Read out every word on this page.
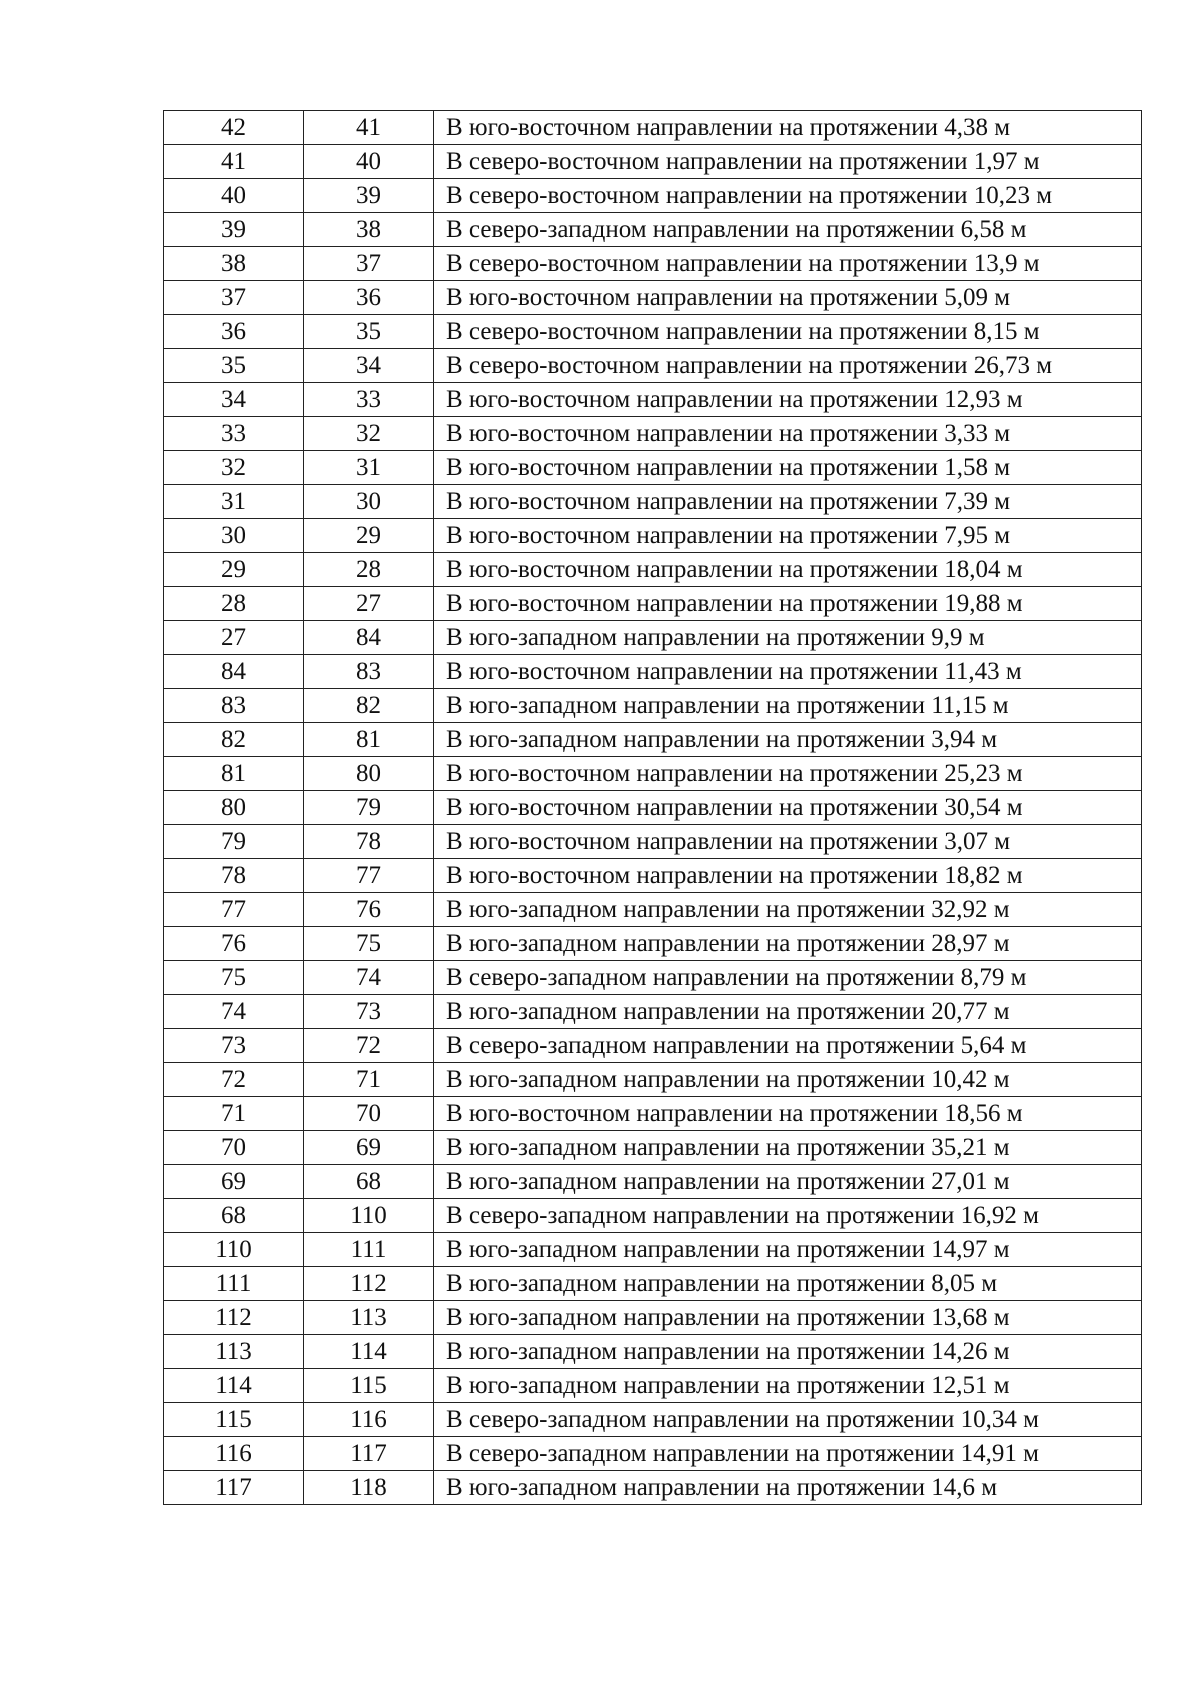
42	41	В юго-восточном направлении на протяжении 4,38 м
41	40	В северо-восточном направлении на протяжении 1,97 м
40	39	В северо-восточном направлении на протяжении 10,23 м
39	38	В северо-западном направлении на протяжении 6,58 м
38	37	В северо-восточном направлении на протяжении 13,9 м
37	36	В юго-восточном направлении на протяжении 5,09 м
36	35	В северо-восточном направлении на протяжении 8,15 м
35	34	В северо-восточном направлении на протяжении 26,73 м
34	33	В юго-восточном направлении на протяжении 12,93 м
33	32	В юго-восточном направлении на протяжении 3,33 м
32	31	В юго-восточном направлении на протяжении 1,58 м
31	30	В юго-восточном направлении на протяжении 7,39 м
30	29	В юго-восточном направлении на протяжении 7,95 м
29	28	В юго-восточном направлении на протяжении 18,04 м
28	27	В юго-восточном направлении на протяжении 19,88 м
27	84	В юго-западном направлении на протяжении 9,9 м
84	83	В юго-восточном направлении на протяжении 11,43 м
83	82	В юго-западном направлении на протяжении 11,15 м
82	81	В юго-западном направлении на протяжении 3,94 м
81	80	В юго-восточном направлении на протяжении 25,23 м
80	79	В юго-восточном направлении на протяжении 30,54 м
79	78	В юго-восточном направлении на протяжении 3,07 м
78	77	В юго-восточном направлении на протяжении 18,82 м
77	76	В юго-западном направлении на протяжении 32,92 м
76	75	В юго-западном направлении на протяжении 28,97 м
75	74	В северо-западном направлении на протяжении 8,79 м
74	73	В юго-западном направлении на протяжении 20,77 м
73	72	В северо-западном направлении на протяжении 5,64 м
72	71	В юго-западном направлении на протяжении 10,42 м
71	70	В юго-восточном направлении на протяжении 18,56 м
70	69	В юго-западном направлении на протяжении 35,21 м
69	68	В юго-западном направлении на протяжении 27,01 м
68	110	В северо-западном направлении на протяжении 16,92 м
110	111	В юго-западном направлении на протяжении 14,97 м
111	112	В юго-западном направлении на протяжении 8,05 м
112	113	В юго-западном направлении на протяжении 13,68 м
113	114	В юго-западном направлении на протяжении 14,26 м
114	115	В юго-западном направлении на протяжении 12,51 м
115	116	В северо-западном направлении на протяжении 10,34 м
116	117	В северо-западном направлении на протяжении 14,91 м
117	118	В юго-западном направлении на протяжении 14,6 м
